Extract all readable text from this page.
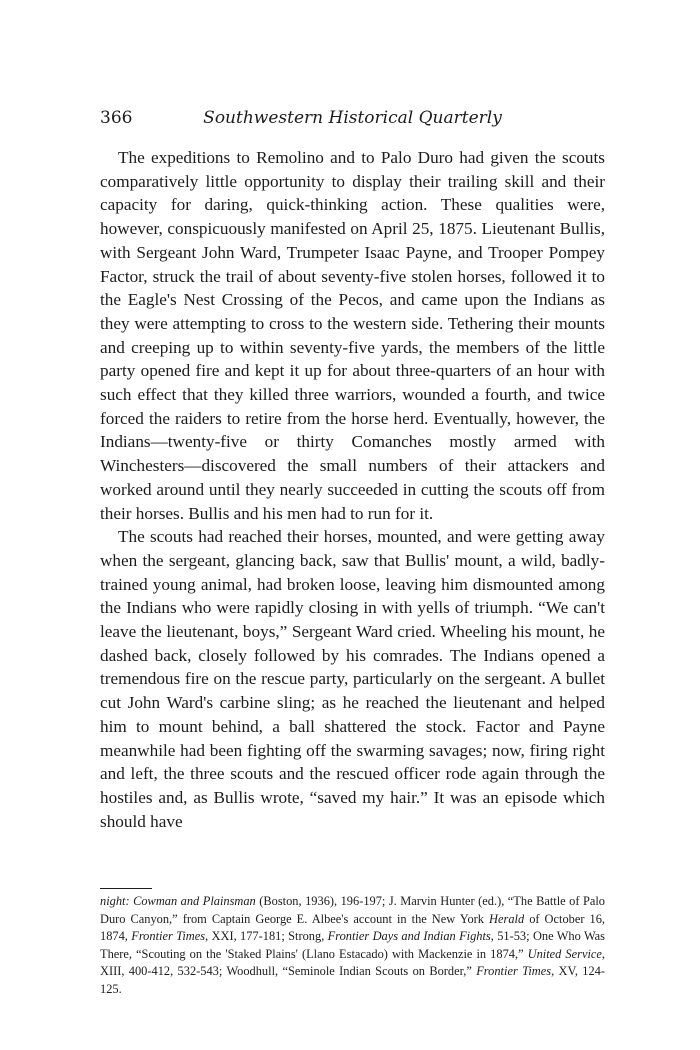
366	Southwestern Historical Quarterly

The expeditions to Remolino and to Palo Duro had given the scouts comparatively little opportunity to display their trailing skill and their capacity for daring, quick-thinking action. These qualities were, however, conspicuously manifested on April 25, 1875. Lieutenant Bullis, with Sergeant John Ward, Trumpeter Isaac Payne, and Trooper Pompey Factor, struck the trail of about seventy-five stolen horses, followed it to the Eagle's Nest Crossing of the Pecos, and came upon the Indians as they were attempting to cross to the western side. Tethering their mounts and creeping up to within seventy-five yards, the members of the little party opened fire and kept it up for about three-quarters of an hour with such effect that they killed three warriors, wounded a fourth, and twice forced the raiders to retire from the horse herd. Eventually, however, the Indians—twenty-five or thirty Comanches mostly armed with Winchesters—discovered the small numbers of their attackers and worked around until they nearly succeeded in cutting the scouts off from their horses. Bullis and his men had to run for it.

The scouts had reached their horses, mounted, and were getting away when the sergeant, glancing back, saw that Bullis' mount, a wild, badly-trained young animal, had broken loose, leaving him dismounted among the Indians who were rapidly closing in with yells of triumph. “We can't leave the lieutenant, boys,” Sergeant Ward cried. Wheeling his mount, he dashed back, closely followed by his comrades. The Indians opened a tremendous fire on the rescue party, particularly on the sergeant. A bullet cut John Ward's carbine sling; as he reached the lieutenant and helped him to mount behind, a ball shattered the stock. Factor and Payne meanwhile had been fighting off the swarming savages; now, firing right and left, the three scouts and the rescued officer rode again through the hostiles and, as Bullis wrote, “saved my hair.” It was an episode which should have

night: Cowman and Plainsman (Boston, 1936), 196-197; J. Marvin Hunter (ed.), “The Battle of Palo Duro Canyon,” from Captain George E. Albee's account in the New York Herald of October 16, 1874, Frontier Times, XXI, 177-181; Strong, Frontier Days and Indian Fights, 51-53; One Who Was There, “Scouting on the 'Staked Plains' (Llano Estacado) with Mackenzie in 1874,” United Service, XIII, 400-412, 532-543; Woodhull, “Seminole Indian Scouts on Border,” Frontier Times, XV, 124-125.
